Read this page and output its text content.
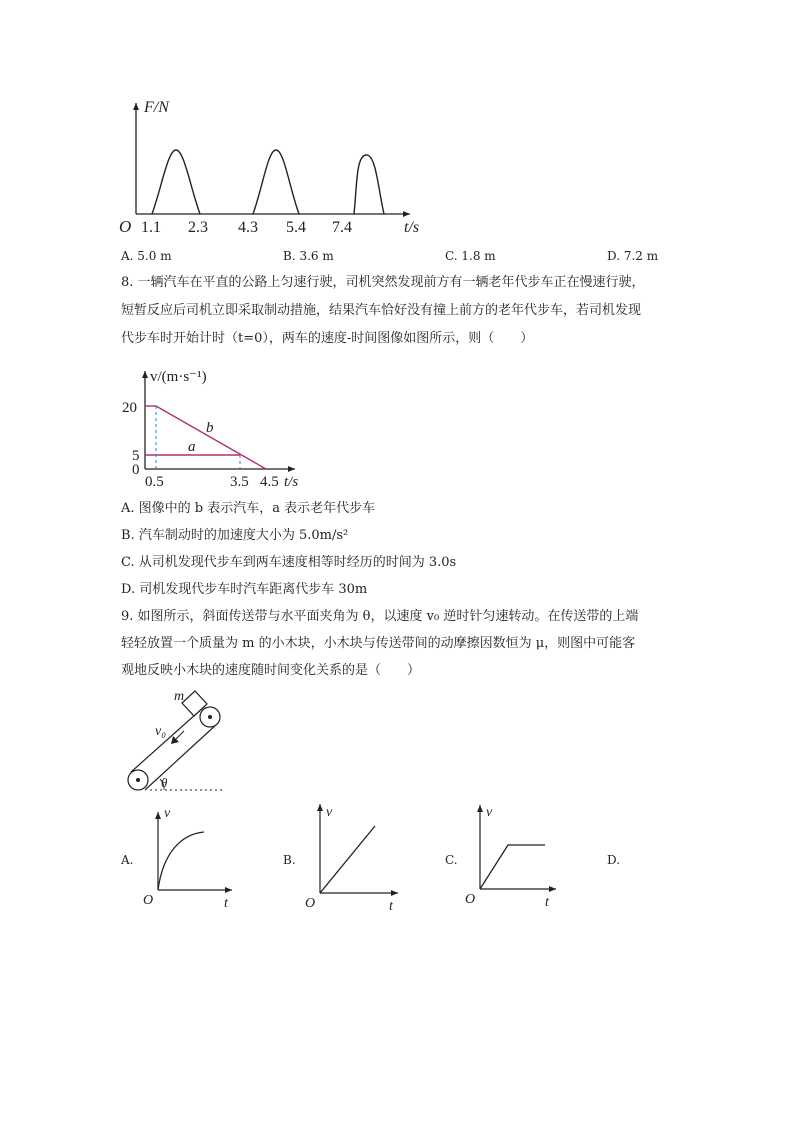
F/N
O 1.1 2.3 4.3 5.4 7.4	t/s
A. 5.0 m	B. 3.6 m	C. 1.8 m	D. 7.2 m
8. 一辆汽车在平直的公路上匀速行驶，司机突然发现前方有一辆老年代步车正在慢速行驶，
短暂反应后司机立即采取制动措施，结果汽车恰好没有撞上前方的老年代步车，若司机发现
代步车时开始计时（t=0），两车的速度-时间图像如图所示，则（　　）
v/(m·s⁻¹)
20
5
0
0.5	3.5 4.5 t/s
b
a
A. 图像中的 b 表示汽车，a 表示老年代步车
B. 汽车制动时的加速度大小为 5.0m/s²
C. 从司机发现代步车到两车速度相等时经历的时间为 3.0s
D. 司机发现代步车时汽车距离代步车 30m
9. 如图所示，斜面传送带与水平面夹角为 θ，以速度 v₀ 逆时针匀速转动。在传送带的上端
轻轻放置一个质量为 m 的小木块，小木块与传送带间的动摩擦因数恒为 μ，则图中可能客
观地反映小木块的速度随时间变化关系的是（　　）
m
v₀
θ
v
t
O
v
t
O
v
t
O
A.	B.	C.	D.
